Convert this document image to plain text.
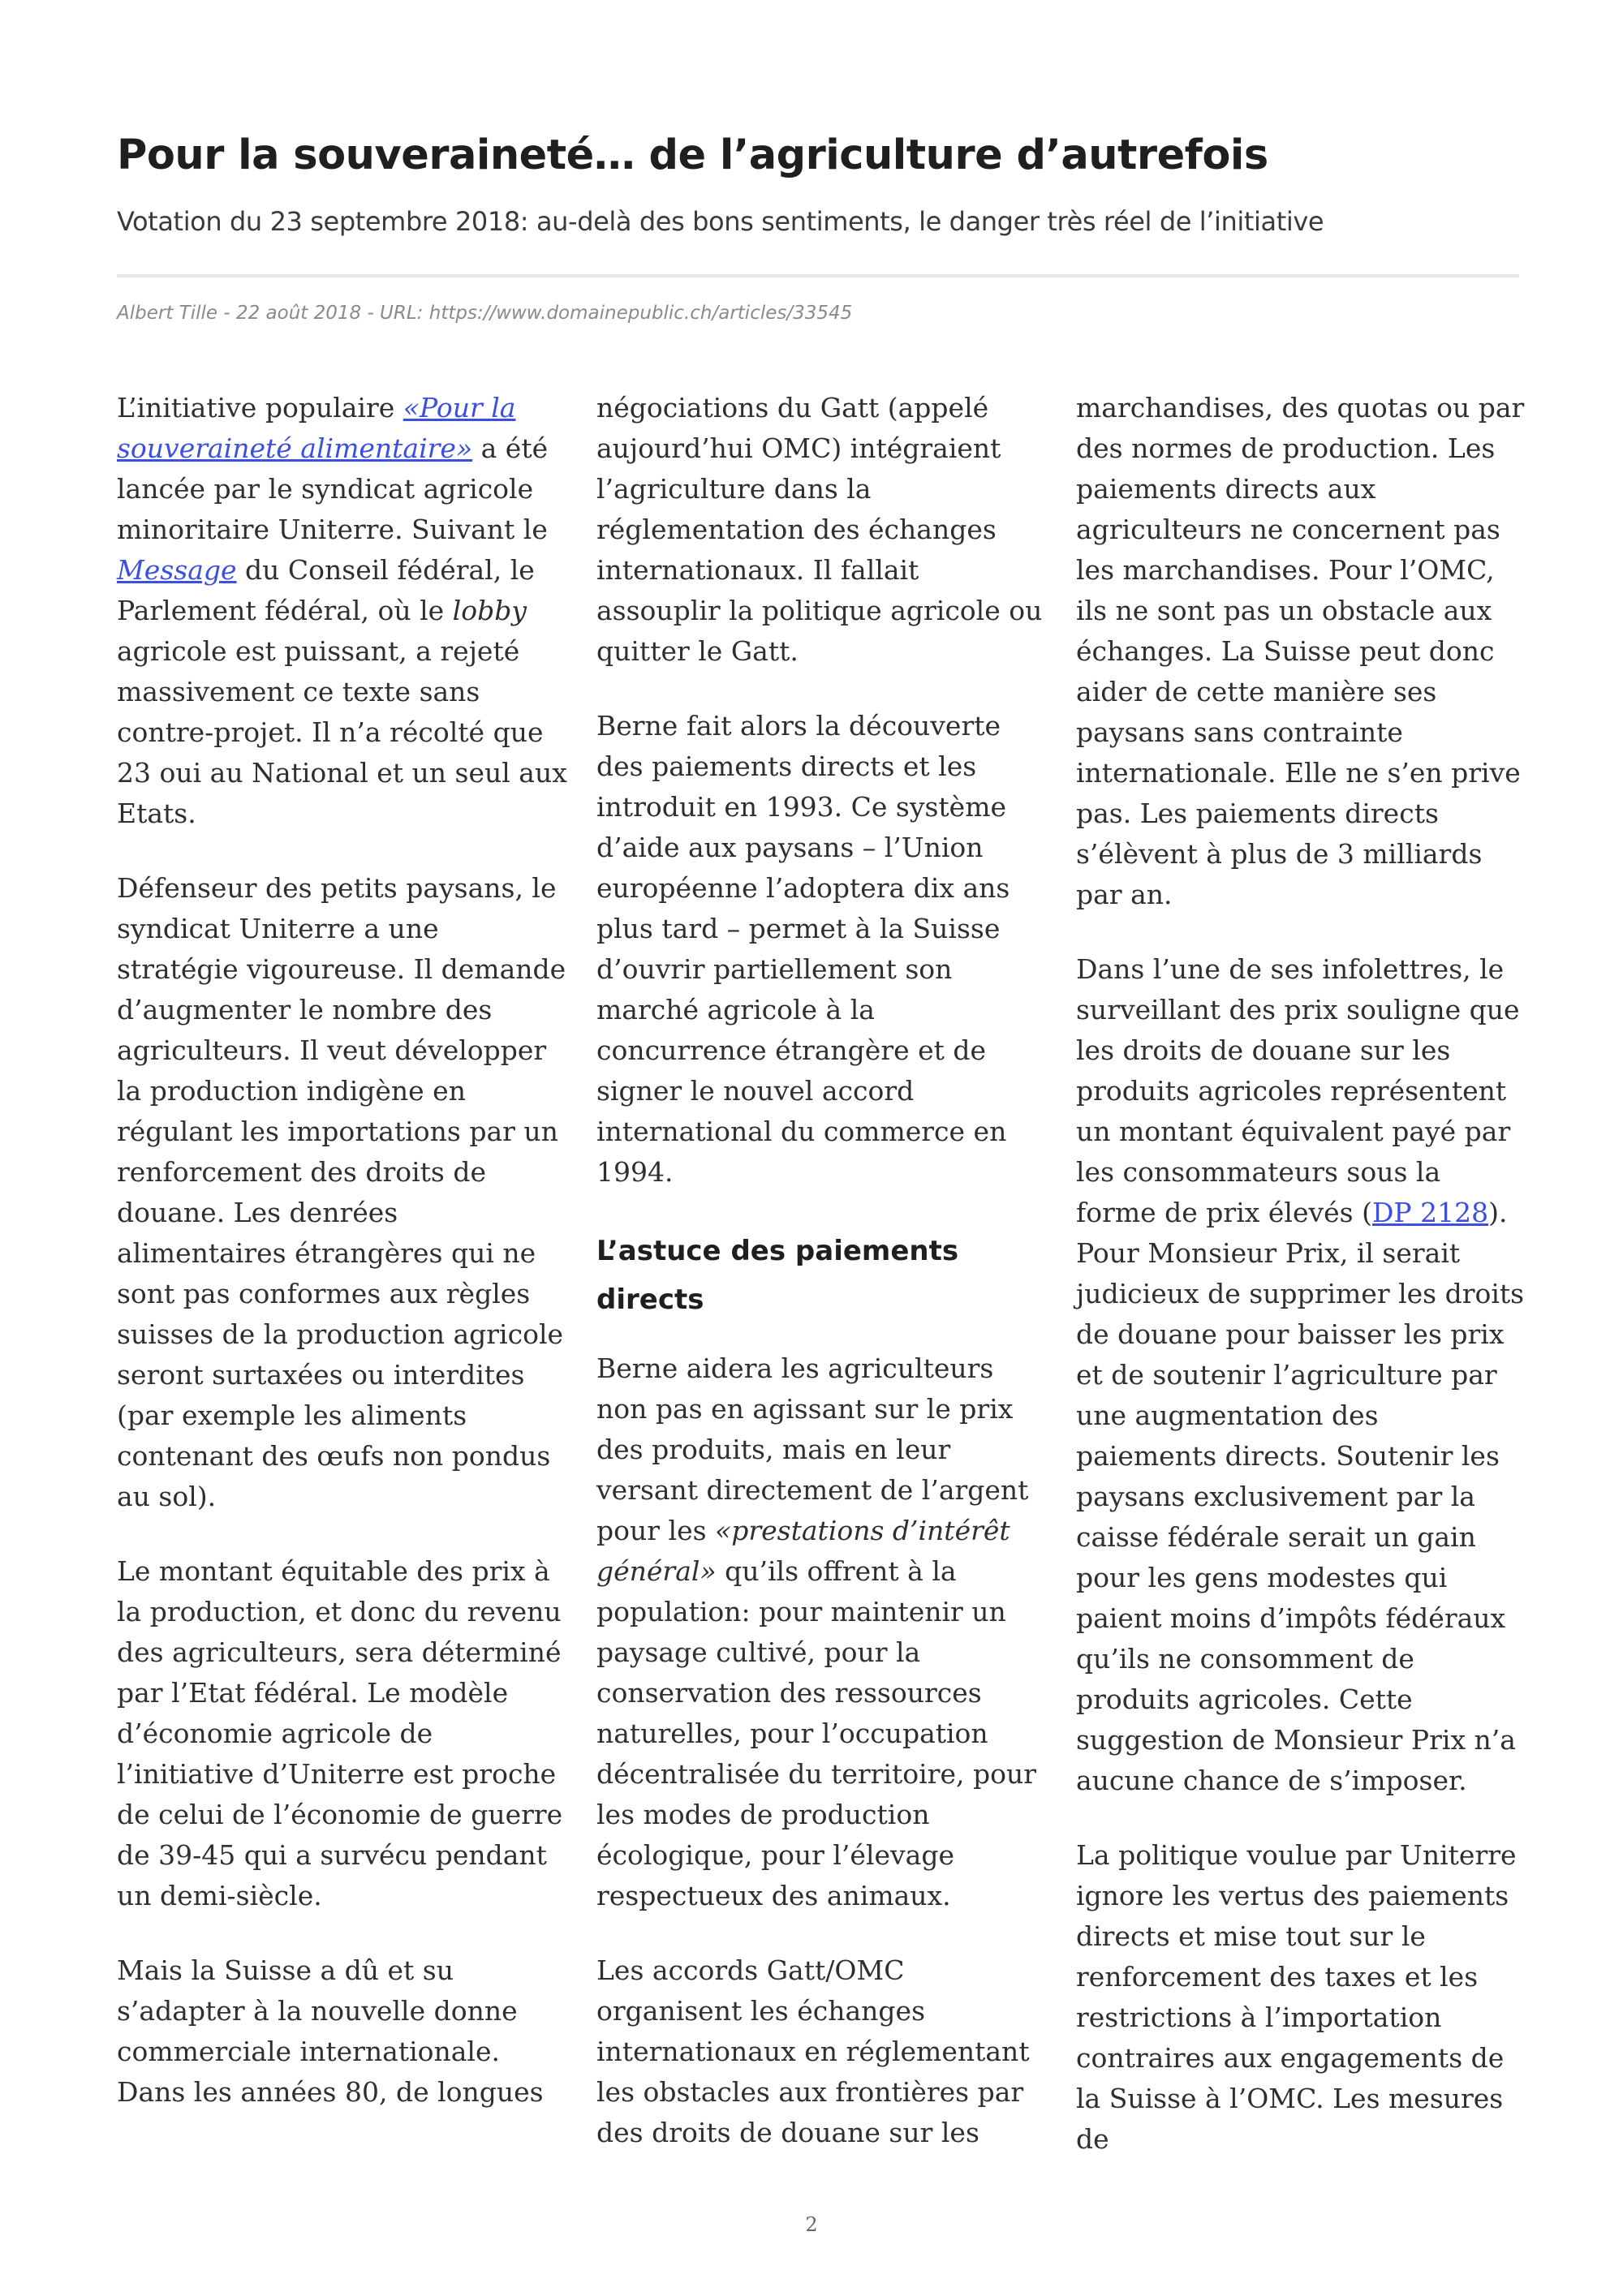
Pour la souveraineté… de l’agriculture d’autrefois

Votation du 23 septembre 2018: au-delà des bons sentiments, le danger très réel de l’initiative

Albert Tille - 22 août 2018 - URL: https://www.domainepublic.ch/articles/33545

L’initiative populaire «Pour la souveraineté alimentaire» a été lancée par le syndicat agricole minoritaire Uniterre. Suivant le Message du Conseil fédéral, le Parlement fédéral, où le lobby agricole est puissant, a rejeté massivement ce texte sans contre-projet. Il n’a récolté que 23 oui au National et un seul aux Etats.

Défenseur des petits paysans, le syndicat Uniterre a une stratégie vigoureuse. Il demande d’augmenter le nombre des agriculteurs. Il veut développer la production indigène en régulant les importations par un renforcement des droits de douane. Les denrées alimentaires étrangères qui ne sont pas conformes aux règles suisses de la production agricole seront surtaxées ou interdites (par exemple les aliments contenant des œufs non pondus au sol).

Le montant équitable des prix à la production, et donc du revenu des agriculteurs, sera déterminé par l’Etat fédéral. Le modèle d’économie agricole de l’initiative d’Uniterre est proche de celui de l’économie de guerre de 39-45 qui a survécu pendant un demi-siècle.

Mais la Suisse a dû et su s’adapter à la nouvelle donne commerciale internationale. Dans les années 80, de longues

négociations du Gatt (appelé aujourd’hui OMC) intégraient l’agriculture dans la réglementation des échanges internationaux. Il fallait assouplir la politique agricole ou quitter le Gatt.

Berne fait alors la découverte des paiements directs et les introduit en 1993. Ce système d’aide aux paysans – l’Union européenne l’adoptera dix ans plus tard – permet à la Suisse d’ouvrir partiellement son marché agricole à la concurrence étrangère et de signer le nouvel accord international du commerce en 1994.

L’astuce des paiements directs

Berne aidera les agriculteurs non pas en agissant sur le prix des produits, mais en leur versant directement de l’argent pour les «prestations d’intérêt général» qu’ils offrent à la population: pour maintenir un paysage cultivé, pour la conservation des ressources naturelles, pour l’occupation décentralisée du territoire, pour les modes de production écologique, pour l’élevage respectueux des animaux.

Les accords Gatt/OMC organisent les échanges internationaux en réglementant les obstacles aux frontières par des droits de douane sur les

marchandises, des quotas ou par des normes de production. Les paiements directs aux agriculteurs ne concernent pas les marchandises. Pour l’OMC, ils ne sont pas un obstacle aux échanges. La Suisse peut donc aider de cette manière ses paysans sans contrainte internationale. Elle ne s’en prive pas. Les paiements directs s’élèvent à plus de 3 milliards par an.

Dans l’une de ses infolettres, le surveillant des prix souligne que les droits de douane sur les produits agricoles représentent un montant équivalent payé par les consommateurs sous la forme de prix élevés (DP 2128). Pour Monsieur Prix, il serait judicieux de supprimer les droits de douane pour baisser les prix et de soutenir l’agriculture par une augmentation des paiements directs. Soutenir les paysans exclusivement par la caisse fédérale serait un gain pour les gens modestes qui paient moins d’impôts fédéraux qu’ils ne consomment de produits agricoles. Cette suggestion de Monsieur Prix n’a aucune chance de s’imposer.

La politique voulue par Uniterre ignore les vertus des paiements directs et mise tout sur le renforcement des taxes et les restrictions à l’importation contraires aux engagements de la Suisse à l’OMC. Les mesures de

2
